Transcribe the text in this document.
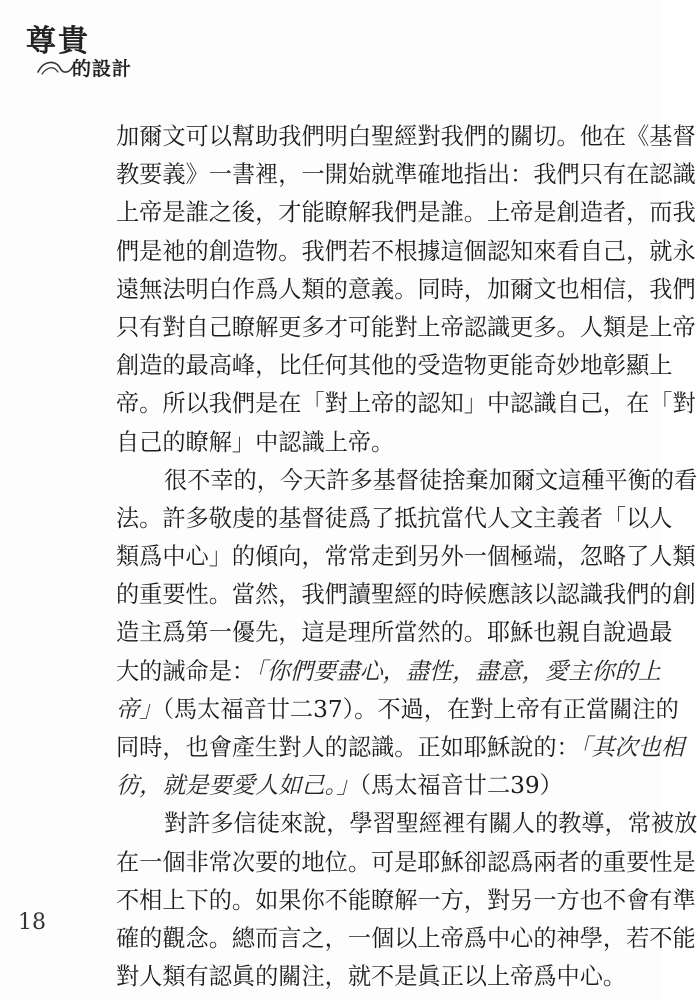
尊貴
的設計
加爾文可以幫助我們明白聖經對我們的關切。他在《基督
教要義》一書裡，一開始就準確地指出：我們只有在認識
上帝是誰之後，才能瞭解我們是誰。上帝是創造者，而我
們是祂的創造物。我們若不根據這個認知來看自己，就永
遠無法明白作爲人類的意義。同時，加爾文也相信，我們
只有對自己瞭解更多才可能對上帝認識更多。人類是上帝
創造的最高峰，比任何其他的受造物更能奇妙地彰顯上
帝。所以我們是在「對上帝的認知」中認識自己，在「對
自己的瞭解」中認識上帝。
很不幸的，今天許多基督徒捨棄加爾文這種平衡的看
法。許多敬虔的基督徒爲了抵抗當代人文主義者「以人
類爲中心」的傾向，常常走到另外一個極端，忽略了人類
的重要性。當然，我們讀聖經的時候應該以認識我們的創
造主爲第一優先，這是理所當然的。耶穌也親自說過最
大的誡命是：「你們要盡心，盡性，盡意，愛主你的上
帝」（馬太福音廿二37）。不過，在對上帝有正當關注的
同時，也會產生對人的認識。正如耶穌說的：「其次也相
彷，就是要愛人如己。」（馬太福音廿二39）
對許多信徒來說，學習聖經裡有關人的教導，常被放
在一個非常次要的地位。可是耶穌卻認爲兩者的重要性是
不相上下的。如果你不能瞭解一方，對另一方也不會有準
確的觀念。總而言之，一個以上帝爲中心的神學，若不能
對人類有認眞的關注，就不是眞正以上帝爲中心。
18
